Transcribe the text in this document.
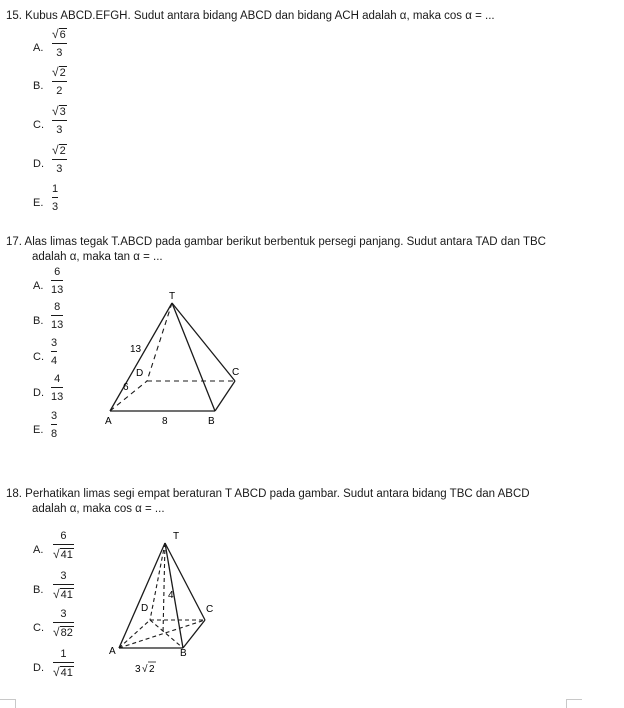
15. Kubus ABCD.EFGH. Sudut antara bidang ABCD dan bidang ACH adalah α, maka cos α = ...
A.
√6
3
B.
√2
2
C.
√3
3
D.
√2
3
E.
1
3
17. Alas limas tegak T.ABCD pada gambar berikut berbentuk persegi panjang. Sudut antara TAD dan TBC
adalah α, maka tan α = ...
A.
6
13
B.
8
13
C.
3
4
D.
4
13
E.
3
8
T
D	C
A	B
13
6
8
18. Perhatikan limas segi empat beraturan T ABCD pada gambar. Sudut antara bidang TBC dan ABCD
adalah α, maka cos α = ...
A.
6
√41
B.
3
√41
C.
3
√82
D.
1
√41
T
D	C
A	B
4
3 √ 2
